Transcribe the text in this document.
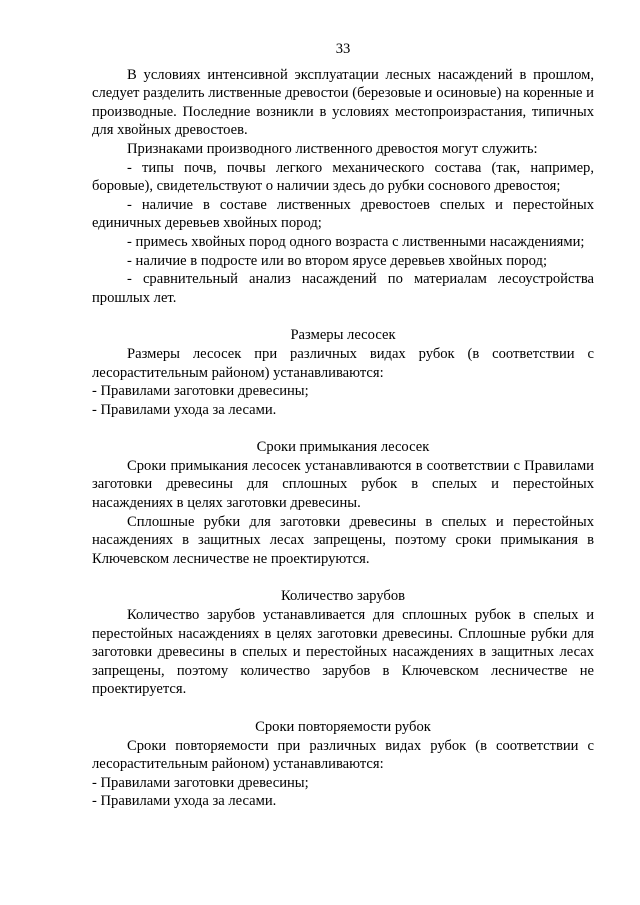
33

В условиях интенсивной эксплуатации лесных насаждений в прошлом, следует разделить лиственные древостои (березовые и осиновые) на коренные и производные. Последние возникли в условиях местопроизрастания, типичных для хвойных древостоев.

Признаками производного лиственного древостоя могут служить:

- типы почв, почвы легкого механического состава (так, например, боровые), свидетельствуют о наличии здесь до рубки соснового древостоя;

- наличие в составе лиственных древостоев спелых и перестойных единичных деревьев хвойных пород;

- примесь хвойных пород одного возраста с лиственными насаждениями;

- наличие в подросте или во втором ярусе деревьев хвойных пород;

- сравнительный анализ насаждений по материалам лесоустройства прошлых лет.

Размеры лесосек

Размеры лесосек при различных видах рубок (в соответствии с лесорастительным районом) устанавливаются:

- Правилами заготовки древесины;

- Правилами ухода за лесами.

Сроки примыкания лесосек

Сроки примыкания лесосек устанавливаются в соответствии с Правилами заготовки древесины для сплошных рубок в спелых и перестойных насаждениях в целях заготовки древесины.

Сплошные рубки для заготовки древесины в спелых и перестойных насаждениях в защитных лесах запрещены, поэтому сроки примыкания в Ключевском лесничестве не проектируются.

Количество зарубов

Количество зарубов устанавливается для сплошных рубок в спелых и перестойных насаждениях в целях заготовки древесины. Сплошные рубки для заготовки древесины в спелых и перестойных насаждениях в защитных лесах запрещены, поэтому количество зарубов в Ключевском лесничестве не проектируется.

Сроки повторяемости рубок

Сроки повторяемости при различных видах рубок (в соответствии с лесорастительным районом) устанавливаются:

- Правилами заготовки древесины;

- Правилами ухода за лесами.
